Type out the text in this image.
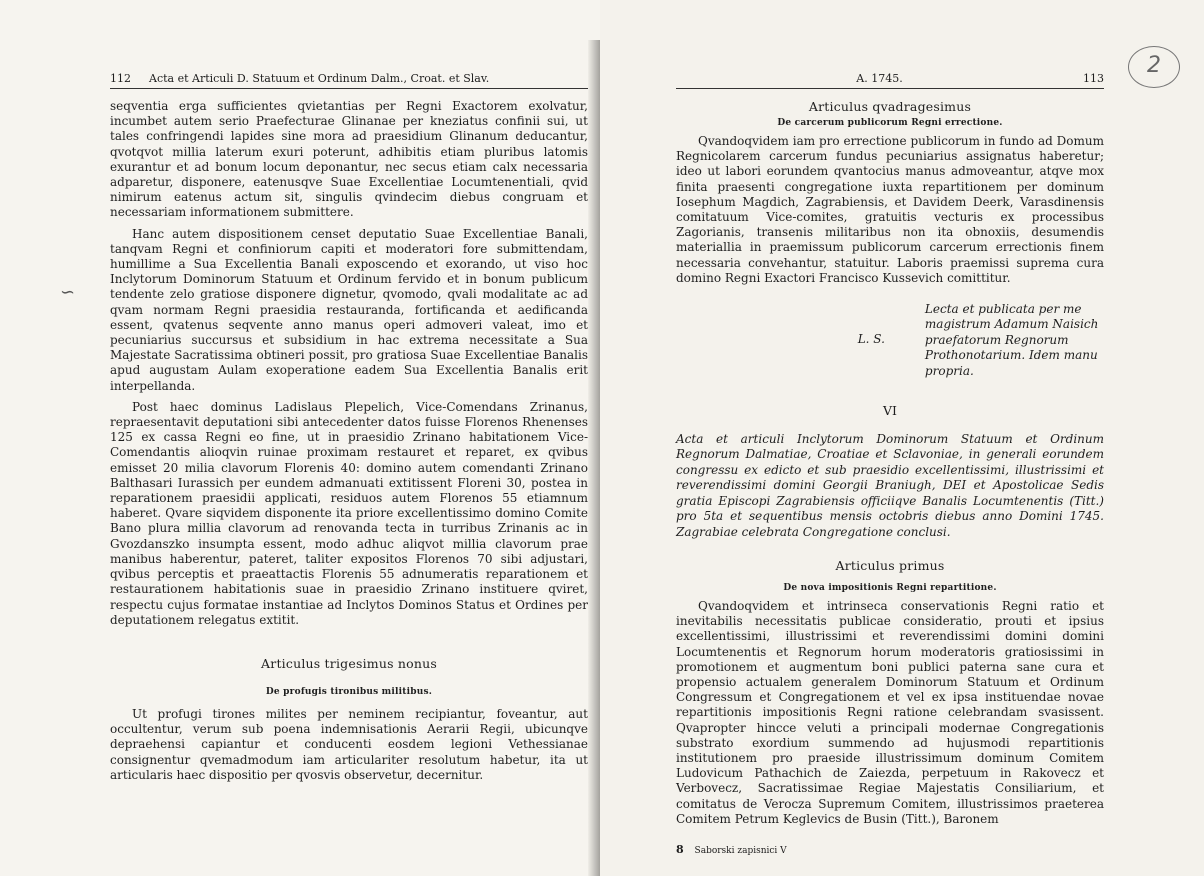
112	Acta et Articuli D. Statuum et Ordinum Dalm., Croat. et Slav.

seqventia erga sufficientes qvietantias per Regni Exactorem exolvatur, incumbet autem serio Praefecturae Glinanae per kneziatus confinii sui, ut tales confringendi lapides sine mora ad praesidium Glinanum deducantur, qvotqvot millia laterum exuri poterunt, adhibitis etiam pluribus latomis exurantur et ad bonum locum deponantur, nec secus etiam calx necessaria adparetur, disponere, eatenusqve Suae Excellentiae Locumtenentiali, qvid nimirum eatenus actum sit, singulis qvindecim diebus congruam et necessariam informationem submittere.

Hanc autem dispositionem censet deputatio Suae Excellentiae Banali, tanqvam Regni et confiniorum capiti et moderatori fore submittendam, humillime a Sua Excellentia Banali exposcendo et exorando, ut viso hoc Inclytorum Dominorum Statuum et Ordinum fervido et in bonum publicum tendente zelo gratiose disponere dignetur, qvomodo, qvali modalitate ac ad qvam normam Regni praesidia restauranda, fortificanda et aedificanda essent, qvatenus seqvente anno manus operi admoveri valeat, imo et pecuniarius succursus et subsidium in hac extrema necessitate a Sua Majestate Sacratissima obtineri possit, pro gratiosa Suae Excellentiae Banalis apud augustam Aulam exoperatione eadem Sua Excellentia Banalis erit interpellanda.

Post haec dominus Ladislaus Plepelich, Vice-Comendans Zrinanus, repraesentavit deputationi sibi antecedenter datos fuisse Florenos Rhenenses 125 ex cassa Regni eo fine, ut in praesidio Zrinano habitationem Vice-Comendantis alioqvin ruinae proximam restauret et reparet, ex qvibus emisset 20 milia clavorum Florenis 40: domino autem comendanti Zrinano Balthasari Iurassich per eundem admanuati extitissent Floreni 30, postea in reparationem praesidii applicati, residuos autem Florenos 55 etiamnum haberet. Qvare siqvidem disponente ita priore excellentissimo domino Comite Bano plura millia clavorum ad renovanda tecta in turribus Zrinanis ac in Gvozdanszko insumpta essent, modo adhuc aliqvot millia clavorum prae manibus haberentur, pateret, taliter expositos Florenos 70 sibi adjustari, qvibus perceptis et praeattactis Florenis 55 adnumeratis reparationem et restaurationem habitationis suae in praesidio Zrinano instituere qviret, respectu cujus formatae instantiae ad Inclytos Dominos Status et Ordines per deputationem relegatus extitit.

Articulus trigesimus nonus
De profugis tironibus militibus.

Ut profugi tirones milites per neminem recipiantur, foveantur, aut occultentur, verum sub poena indemnisationis Aerarii Regii, ubicunqve depraehensi capiantur et conducenti eosdem legioni Vethessianae consignentur qvemadmodum iam articulariter resolutum habetur, ita ut articularis haec dispositio per qvosvis observetur, decernitur.

∽
A. 1745.	113
Articulus qvadragesimus
De carcerum publicorum Regni errectione.

Qvandoqvidem iam pro errectione publicorum in fundo ad Domum Regnicolarem carcerum fundus pecuniarius assignatus haberetur; ideo ut labori eorundem qvantocius manus admoveantur, atqve mox finita praesenti congregatione iuxta repartitionem per dominum Iosephum Magdich, Zagrabiensis, et Davidem Deerk, Varasdinensis comitatuum Vice-comites, gratuitis vecturis ex processibus Zagorianis, transenis militaribus non ita obnoxiis, desumendis materiallia in praemissum publicorum carcerum errectionis finem necessaria convehantur, statuitur. Laboris praemissi suprema cura domino Regni Exactori Francisco Kussevich comittitur.

L. S.
Lecta et publicata per me magistrum Adamum Naisich praefatorum Regnorum Prothonotarium. Idem manu propria.
VI

Acta et articuli Inclytorum Dominorum Statuum et Ordinum Regnorum Dalmatiae, Croatiae et Sclavoniae, in generali eorundem congressu ex edicto et sub praesidio excellentissimi, illustrissimi et reverendissimi domini Georgii Braniugh, DEI et Apostolicae Sedis gratia Episcopi Zagrabiensis officiiqve Banalis Locumtenentis (Titt.) pro 5ta et sequentibus mensis octobris diebus anno Domini 1745. Zagrabiae celebrata Congregatione conclusi.

Articulus primus
De nova impositionis Regni repartitione.

Qvandoqvidem et intrinseca conservationis Regni ratio et inevitabilis necessitatis publicae consideratio, prouti et ipsius excellentissimi, illustrissimi et reverendissimi domini domini Locumtenentis et Regnorum horum moderatoris gratiosissimi in promotionem et augmentum boni publici paterna sane cura et propensio actualem generalem Dominorum Statuum et Ordinum Congressum et Congregationem et vel ex ipsa instituendae novae repartitionis impositionis Regni ratione celebrandam svasissent. Qvapropter hincce veluti a principali modernae Congregationis substrato exordium summendo ad hujusmodi repartitionis institutionem pro praeside illustrissimum dominum Comitem Ludovicum Pathachich de Zaiezda, perpetuum in Rakovecz et Verbovecz, Sacratissimae Regiae Majestatis Consiliarium, et comitatus de Verocza Supremum Comitem, illustrissimos praeterea Comitem Petrum Keglevics de Busin (Titt.), Baronem

8 Saborski zapisnici V
2
